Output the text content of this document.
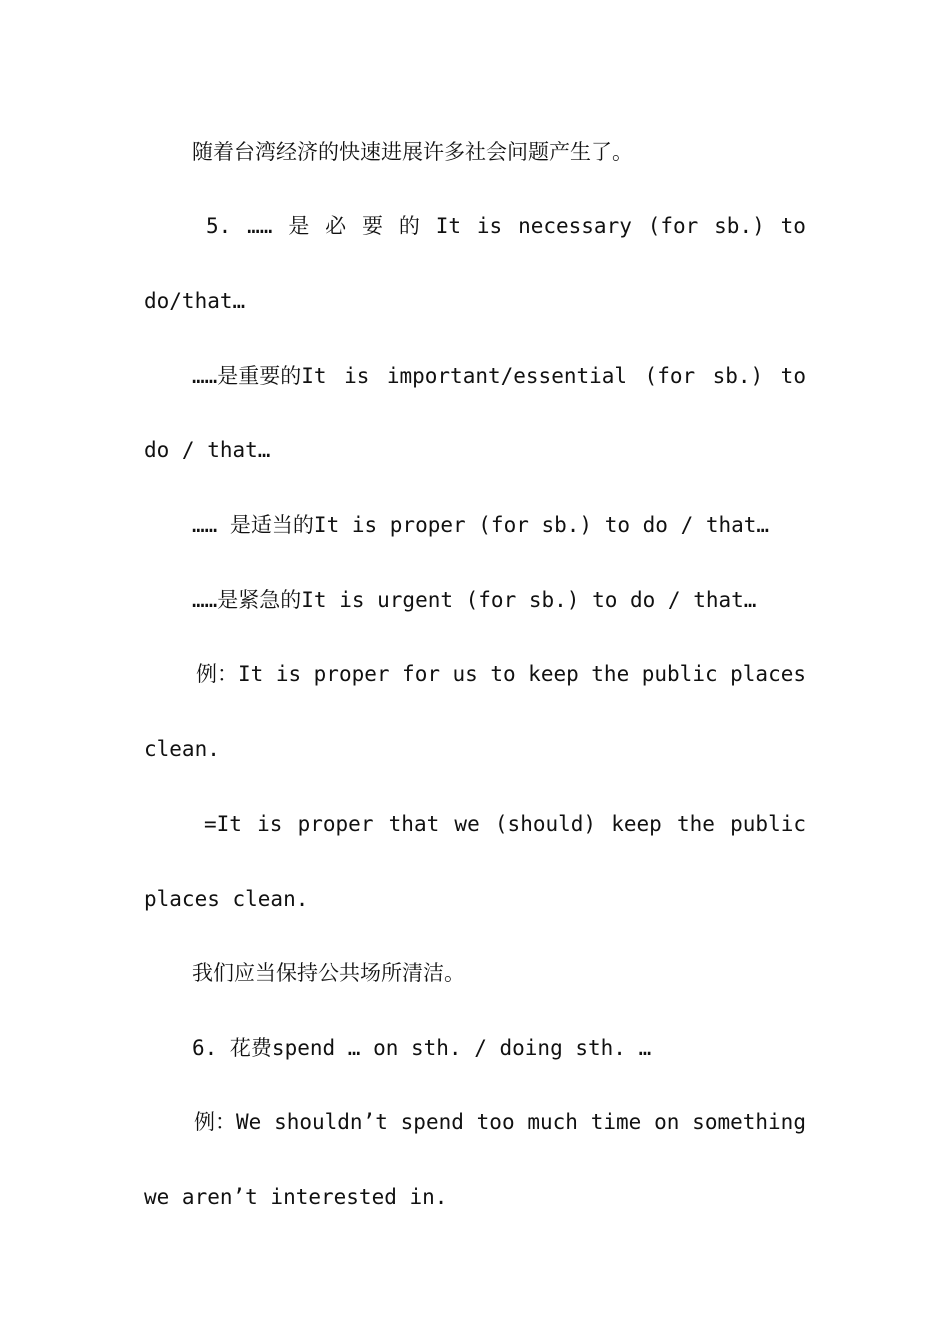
随着台湾经济的快速进展许多社会问题产生了。
5. …… 是 必 要 的 It is necessary (for sb.) to
do/that…
……是重要的It is important/essential (for sb.) to
do / that…
…… 是适当的It is proper (for sb.) to do / that…
……是紧急的It is urgent (for sb.) to do / that…
例：It is proper for us to keep the public places
clean.
=It is proper that we (should) keep the public
places clean.
我们应当保持公共场所清洁。
6. 花费spend … on sth. / doing sth. …
例：We shouldn’t spend too much time on something
we aren’t interested in.
